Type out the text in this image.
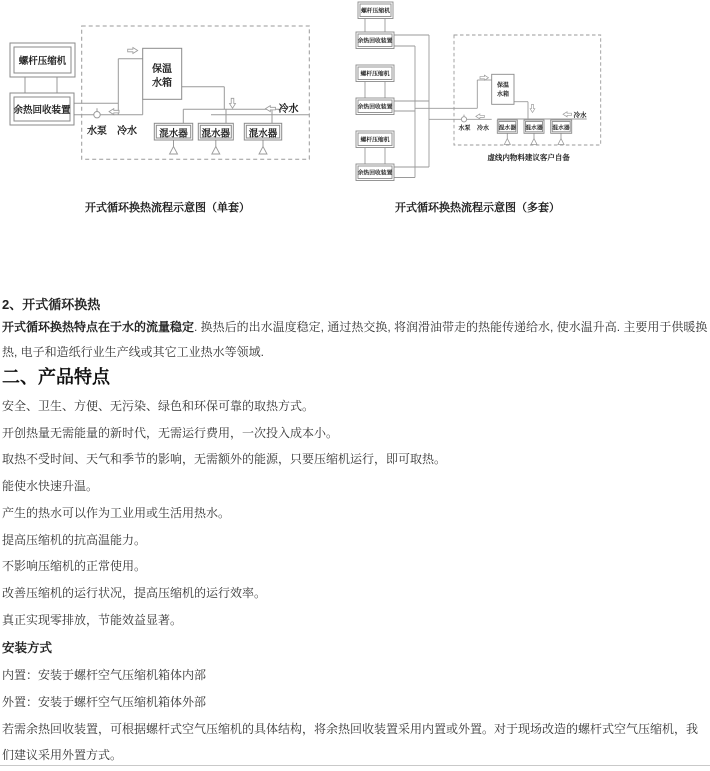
螺杆压缩机
余热回收装置
保温
水箱
水泵 冷水 混水器 混水器 混水器
冷水
开式循环换热流程示意图（单套）
螺杆压缩机
余热回收装置
螺杆压缩机
余热回收装置
螺杆压缩机
余热回收装置
保温
水箱
水泵 冷水 混水器 混水器 混水器
冷水
虚线内物料建议客户自备
开式循环换热流程示意图（多套）
2、开式循环换热
开式循环换热特点在于水的流量稳定. 换热后的出水温度稳定, 通过热交换, 将润滑油带走的热能传递给水, 使水温升高. 主要用于供暖换
热, 电子和造纸行业生产线或其它工业热水等领域.
二、产品特点
安全、卫生、方便、无污染、绿色和环保可靠的取热方式。
开创热量无需能量的新时代，无需运行费用，一次投入成本小。
取热不受时间、天气和季节的影响，无需额外的能源，只要压缩机运行，即可取热。
能使水快速升温。
产生的热水可以作为工业用或生活用热水。
提高压缩机的抗高温能力。
不影响压缩机的正常使用。
改善压缩机的运行状况，提高压缩机的运行效率。
真正实现零排放，节能效益显著。
安装方式
内置：安装于螺杆空气压缩机箱体内部
外置：安装于螺杆空气压缩机箱体外部
若需余热回收装置，可根据螺杆式空气压缩机的具体结构，将余热回收装置采用内置或外置。对于现场改造的螺杆式空气压缩机，我
们建议采用外置方式。
